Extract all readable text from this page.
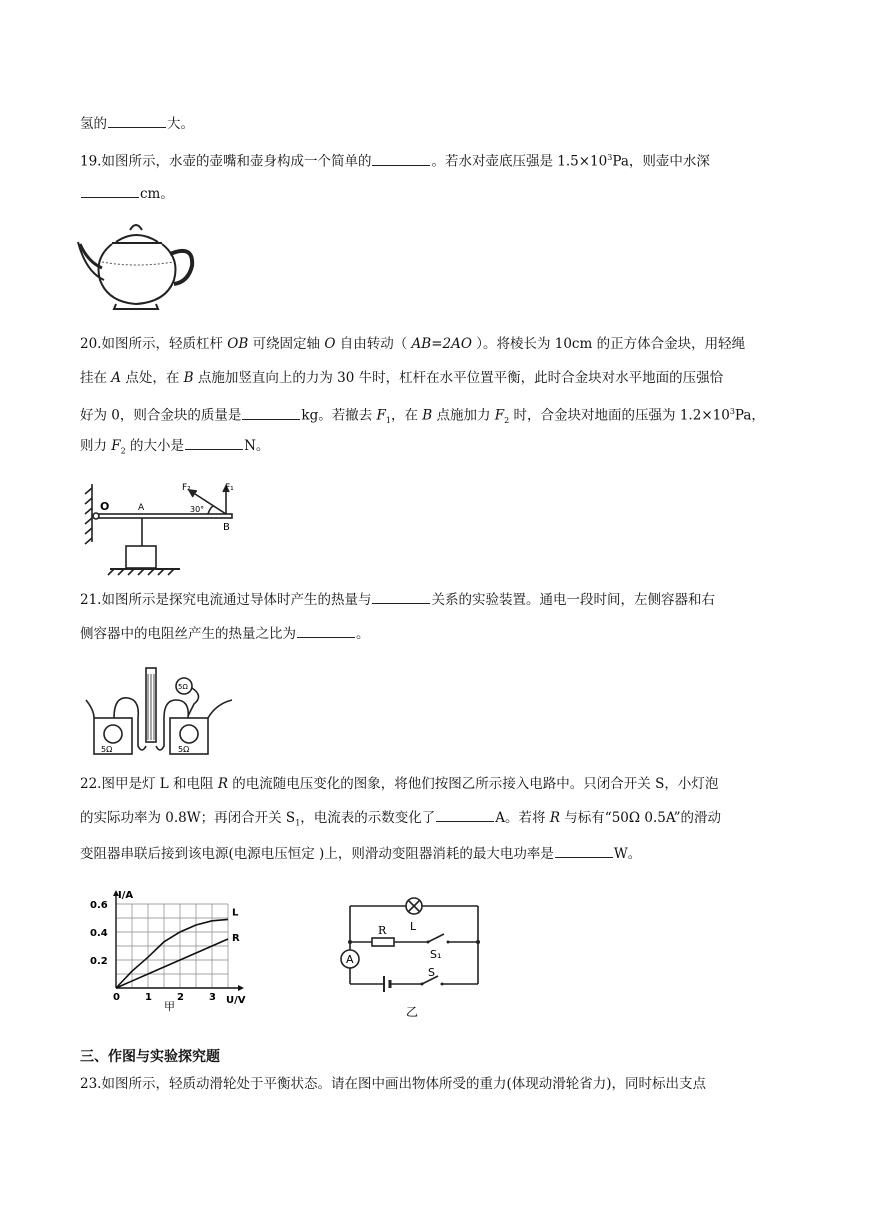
氢的	大。
19.如图所示，水壶的壶嘴和壶身构成一个简单的	。若水对壶底压强是 $1.5\times 10^3Pa$，则壶中水深
cm。
20.如图所示，轻质杠杆 OB 可绕固定轴 O 自由转动（ AB=2AO ）。将棱长为 10cm 的正方体合金块，用轻绳
挂在 A 点处，在 B 点施加竖直向上的力为 30 牛时，杠杆在水平位置平衡，此时合金块对水平地面的压强恰
好为 0，则合金块的质量是	kg。若撤去 $F_1$，在 B 点施加力 $F_2$ 时，合金块对地面的压强为 $1.2\times 10^3Pa$，
则力 $F_2$ 的大小是	N。
O	A
B
F₁
F₂
30°
21.如图所示是探究电流通过导体时产生的热量与	关系的实验装置。通电一段时间，左侧容器和右
侧容器中的电阻丝产生的热量之比为	。
5Ω	5Ω
5Ω
22.图甲是灯 L 和电阻 R 的电流随电压变化的图象，将他们按图乙所示接入电路中。只闭合开关 S，小灯泡
的实际功率为 0.8W；再闭合开关 $S_1$，电流表的示数变化了	A。若将 R 与标有“50Ω 0.5A”的滑动
变阻器串联后接到该电源(电源电压恒定 )上，则滑动变阻器消耗的最大电功率是	W。
0	1	2	3
0.2
0.4
0.6
L
R
I/A
U/V
甲
A
L
R
S₁
S
乙
三、作图与实验探究题
23.如图所示，轻质动滑轮处于平衡状态。请在图中画出物体所受的重力(体现动滑轮省力)，同时标出支点
